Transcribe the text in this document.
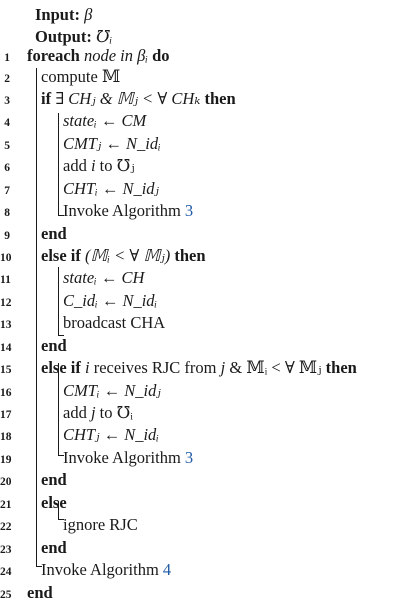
Input: β
Output: ℧ᵢ
1 foreach node in βᵢ do
2 compute 𝕄
3 if ∃ CHⱼ & 𝕄ⱼ < ∀ CHₖ then
4	stateᵢ ← CM
5	CMTⱼ ← N_idᵢ
6	add i to ℧ⱼ
7	CHTᵢ ← N_idⱼ
8	Invoke Algorithm 3
9 end
10 else if (𝕄ᵢ < ∀ 𝕄ⱼ) then
11	stateᵢ ← CH
12	C_idᵢ ← N_idᵢ
13	broadcast CHA
14 end
15 else if i receives RJC from j & 𝕄ᵢ < ∀ 𝕄ⱼ then
16	CMTᵢ ← N_idⱼ
17	add j to ℧ᵢ
18	CHTⱼ ← N_idᵢ
19	Invoke Algorithm 3
20 end
21 else
22	ignore RJC
23 end
24 Invoke Algorithm 4
25 end
